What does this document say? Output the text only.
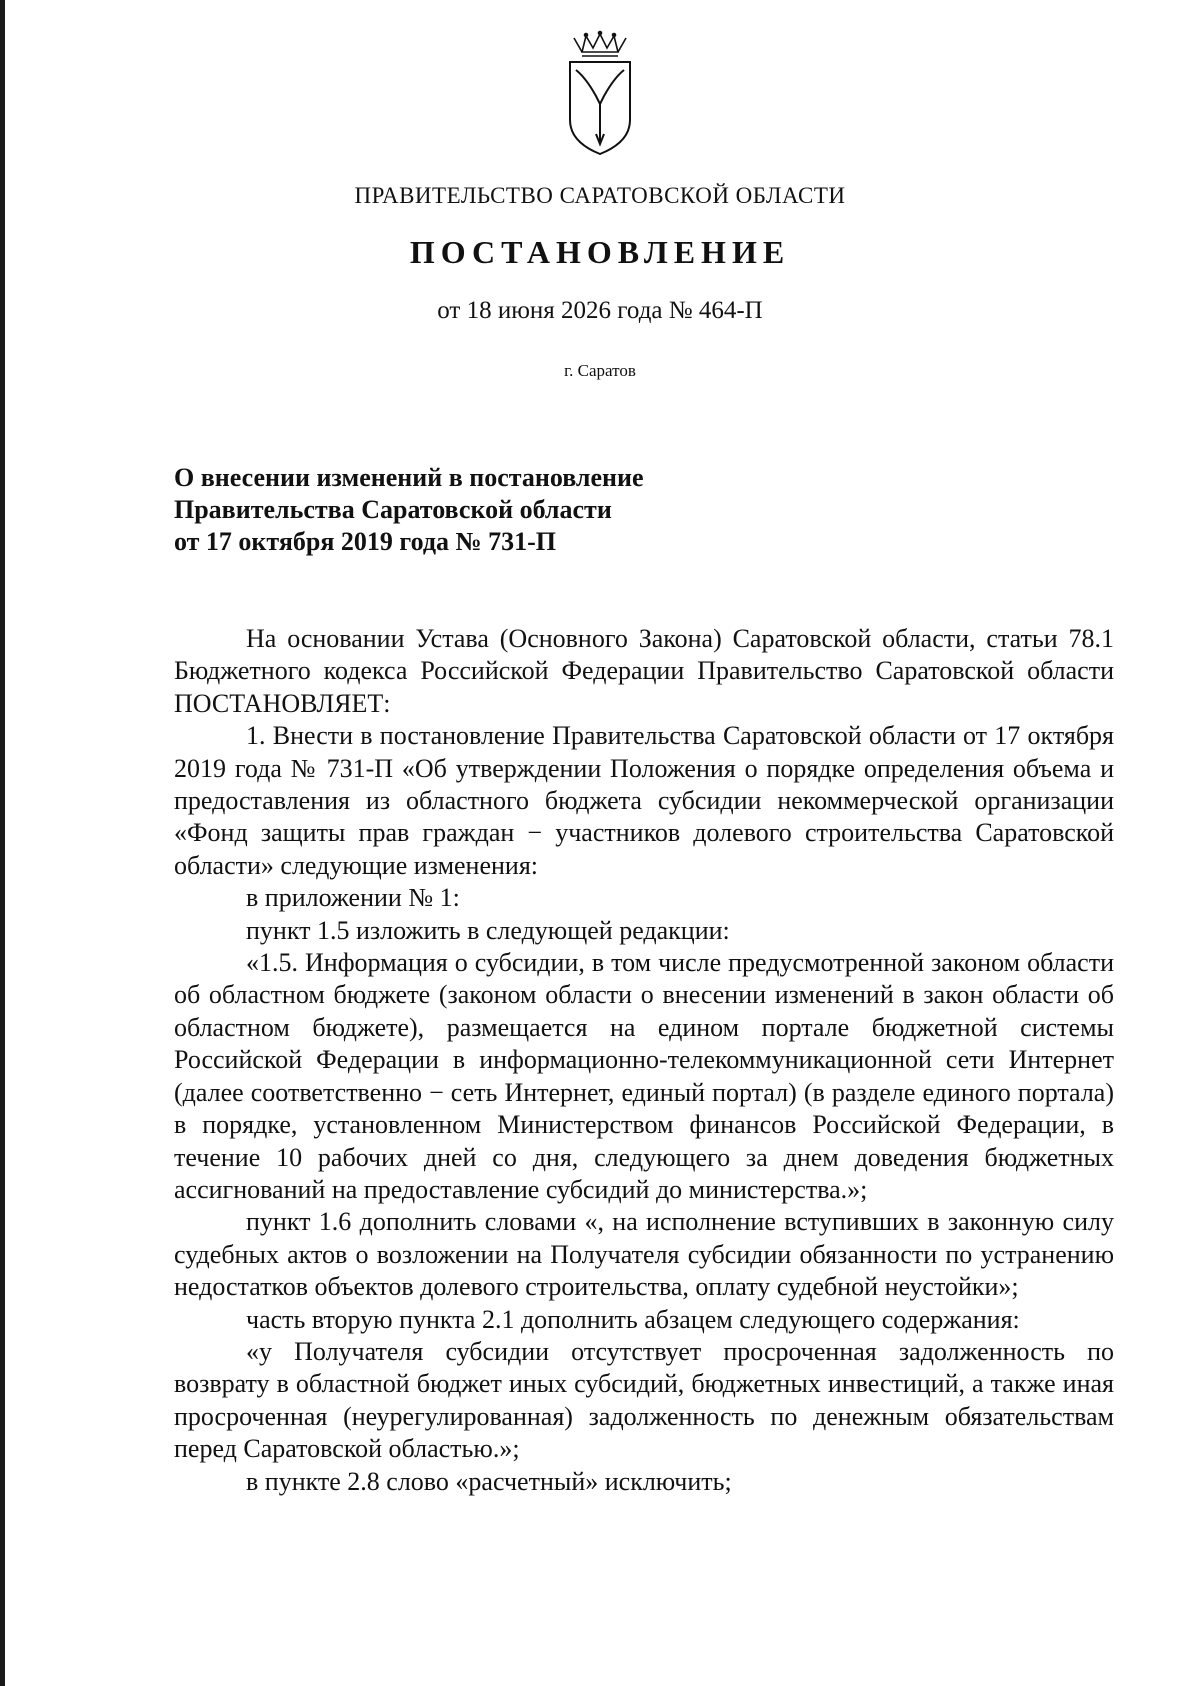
ПРАВИТЕЛЬСТВО САРАТОВСКОЙ ОБЛАСТИ
ПОСТАНОВЛЕНИЕ
от 18 июня 2026 года № 464-П
г. Саратов
О внесении изменений в постановление
Правительства Саратовской области
от 17 октября 2019 года № 731-П

На основании Устава (Основного Закона) Саратовской области, статьи 78.1 Бюджетного кодекса Российской Федерации Правительство Саратовской области ПОСТАНОВЛЯЕТ:

1. Внести в постановление Правительства Саратовской области от 17 октября 2019 года № 731-П «Об утверждении Положения о порядке определения объема и предоставления из областного бюджета субсидии некоммерческой организации «Фонд защиты прав граждан − участников долевого строительства Саратовской области» следующие изменения:

в приложении № 1:

пункт 1.5 изложить в следующей редакции:

«1.5. Информация о субсидии, в том числе предусмотренной законом области об областном бюджете (законом области о внесении изменений в закон области об областном бюджете), размещается на едином портале бюджетной системы Российской Федерации в информационно-телекоммуникационной сети Интернет (далее соответственно − сеть Интернет, единый портал) (в разделе единого портала) в порядке, установленном Министерством финансов Российской Федерации, в течение 10 рабочих дней со дня, следующего за днем доведения бюджетных ассигнований на предоставление субсидий до министерства.»;

пункт 1.6 дополнить словами «, на исполнение вступивших в законную силу судебных актов о возложении на Получателя субсидии обязанности по устранению недостатков объектов долевого строительства, оплату судебной неустойки»;

часть вторую пункта 2.1 дополнить абзацем следующего содержания:

«у Получателя субсидии отсутствует просроченная задолженность по возврату в областной бюджет иных субсидий, бюджетных инвестиций, а также иная просроченная (неурегулированная) задолженность по денежным обязательствам перед Саратовской областью.»;

в пункте 2.8 слово «расчетный» исключить;
